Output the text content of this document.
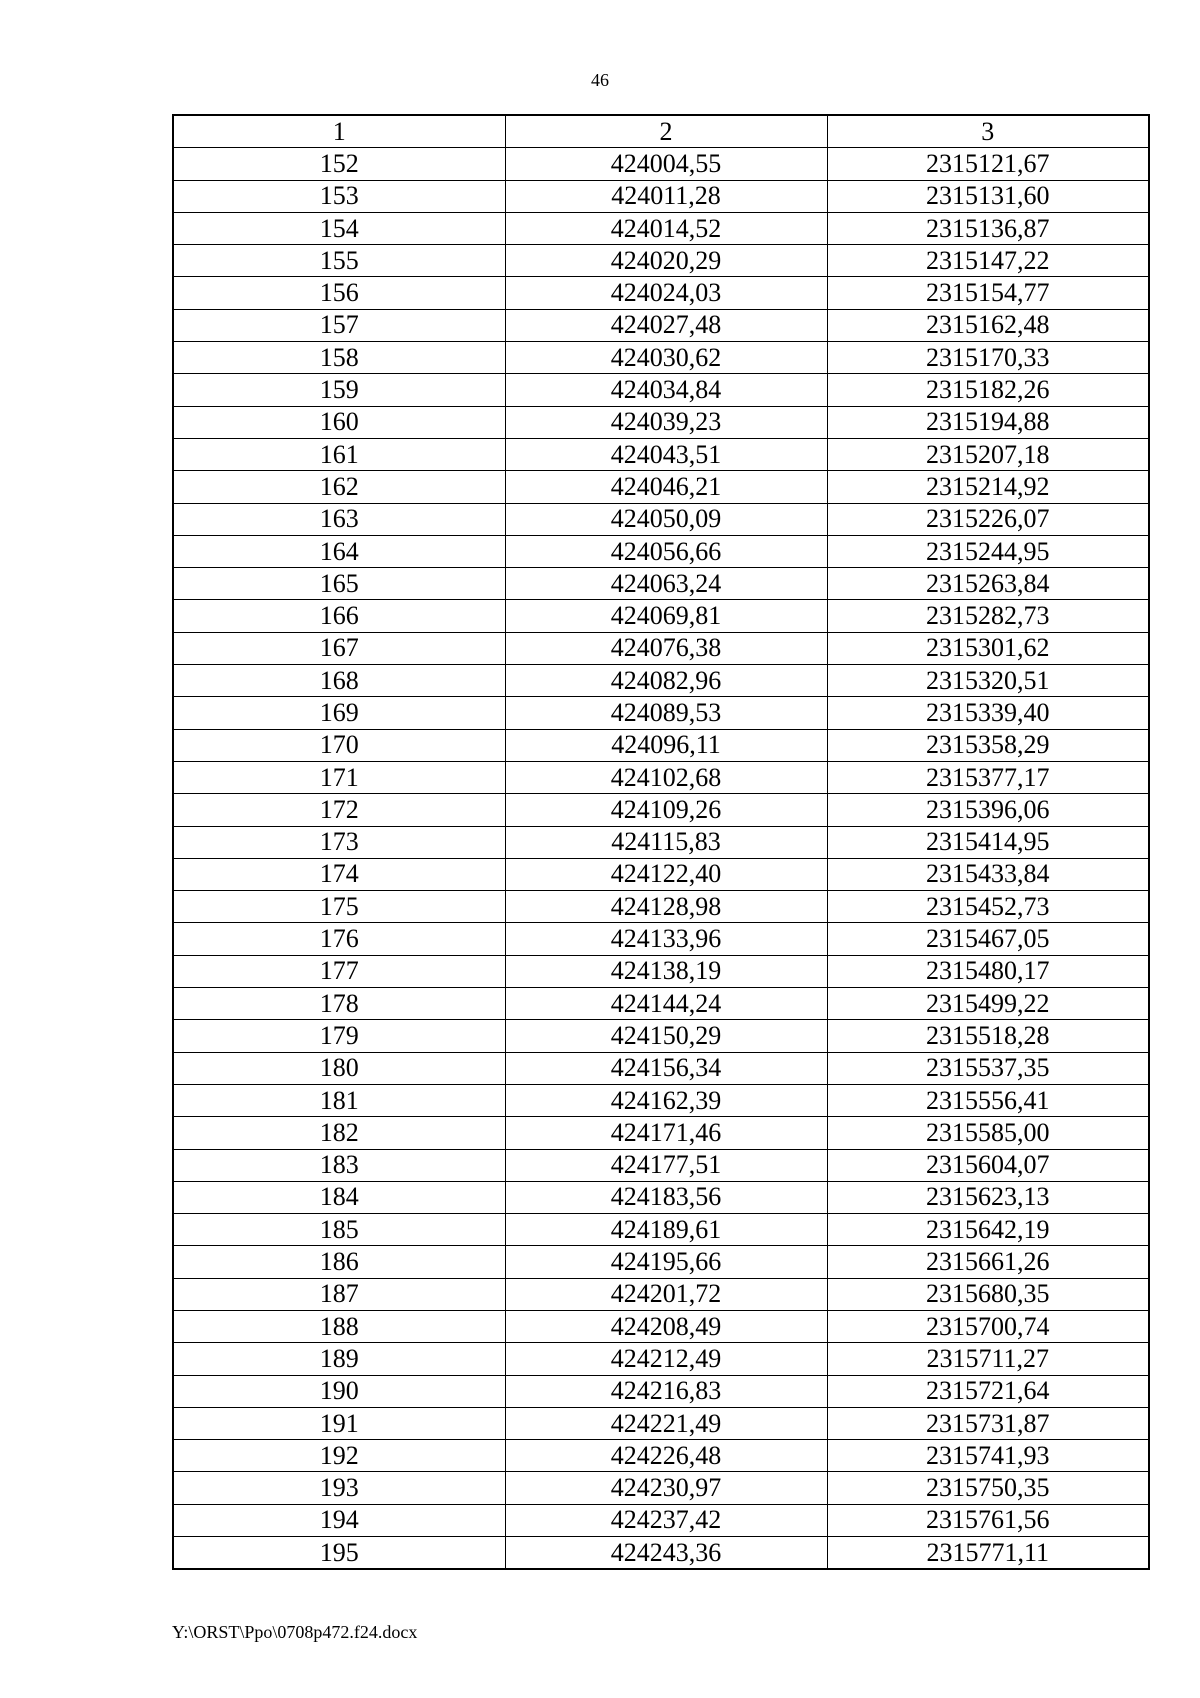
46
1	2	3
152	424004,55	2315121,67
153	424011,28	2315131,60
154	424014,52	2315136,87
155	424020,29	2315147,22
156	424024,03	2315154,77
157	424027,48	2315162,48
158	424030,62	2315170,33
159	424034,84	2315182,26
160	424039,23	2315194,88
161	424043,51	2315207,18
162	424046,21	2315214,92
163	424050,09	2315226,07
164	424056,66	2315244,95
165	424063,24	2315263,84
166	424069,81	2315282,73
167	424076,38	2315301,62
168	424082,96	2315320,51
169	424089,53	2315339,40
170	424096,11	2315358,29
171	424102,68	2315377,17
172	424109,26	2315396,06
173	424115,83	2315414,95
174	424122,40	2315433,84
175	424128,98	2315452,73
176	424133,96	2315467,05
177	424138,19	2315480,17
178	424144,24	2315499,22
179	424150,29	2315518,28
180	424156,34	2315537,35
181	424162,39	2315556,41
182	424171,46	2315585,00
183	424177,51	2315604,07
184	424183,56	2315623,13
185	424189,61	2315642,19
186	424195,66	2315661,26
187	424201,72	2315680,35
188	424208,49	2315700,74
189	424212,49	2315711,27
190	424216,83	2315721,64
191	424221,49	2315731,87
192	424226,48	2315741,93
193	424230,97	2315750,35
194	424237,42	2315761,56
195	424243,36	2315771,11
Y:\ORST\Ppo\0708p472.f24.docx
